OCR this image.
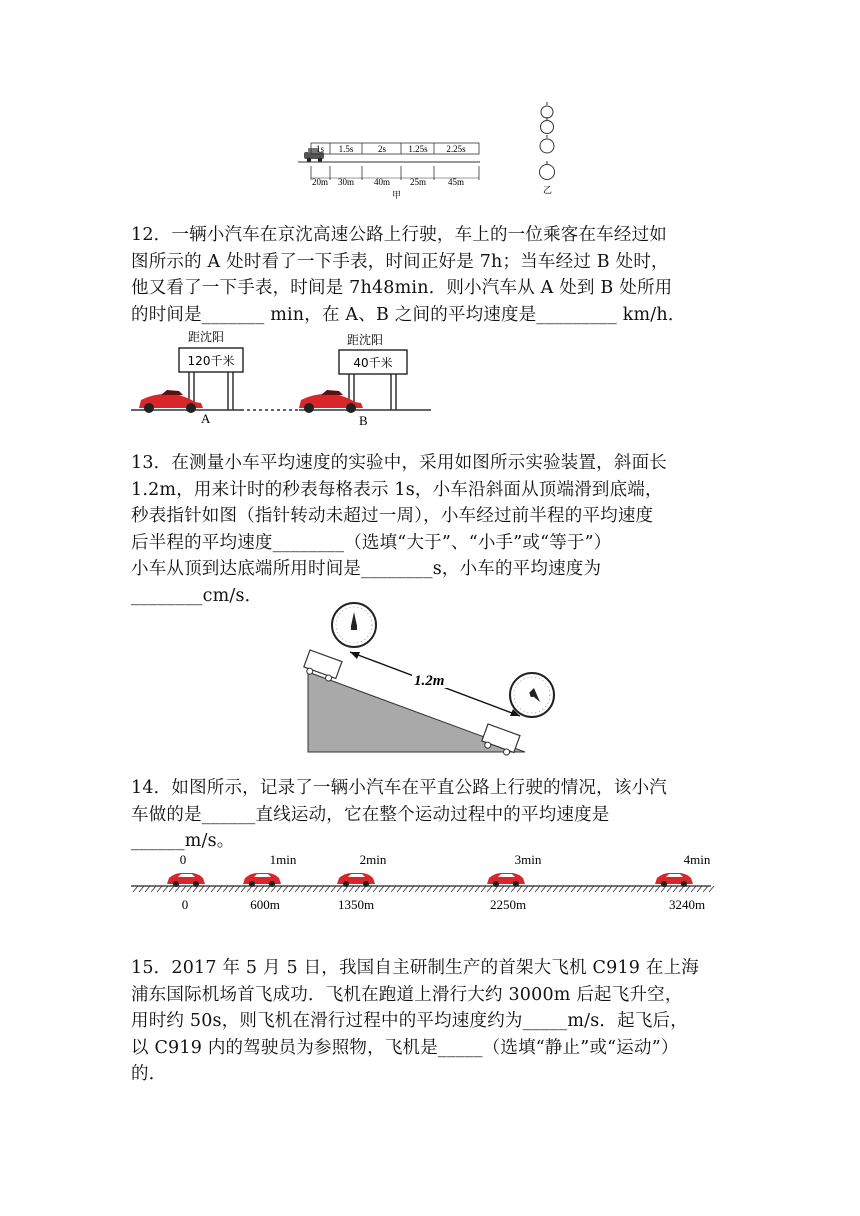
1s 1.5s	2s 1.25s 2.25s
20m 30m 40m 25m 45m
甲	乙
12．一辆小汽车在京沈高速公路上行驶，车上的一位乘客在车经过如
图所示的 A 处时看了一下手表，时间正好是 7h；当车经过 B 处时，
他又看了一下手表，时间是 7h48min．则小汽车从 A 处到 B 处所用
的时间是_______ min，在 A、B 之间的平均速度是_________ km/h．
距沈阳
120千米
距沈阳
40千米
A	B
13．在测量小车平均速度的实验中，采用如图所示实验装置，斜面长
1.2m，用来计时的秒表每格表示 1s，小车沿斜面从顶端滑到底端，
秒表指针如图（指针转动未超过一周），小车经过前半程的平均速度
后半程的平均速度________（选填“大于”、“小手”或“等于”）
小车从顶到达底端所用时间是________s，小车的平均速度为
________cm/s．
1.2m
14．如图所示，记录了一辆小汽车在平直公路上行驶的情况，该小汽
车做的是______直线运动，它在整个运动过程中的平均速度是
______m/s。
0	1min	2min	3min	4min
0	600m	1350m	2250m	3240m
15．2017 年 5 月 5 日，我国自主研制生产的首架大飞机 C919 在上海
浦东国际机场首飞成功．飞机在跑道上滑行大约 3000m 后起飞升空，
用时约 50s，则飞机在滑行过程中的平均速度约为_____m/s．起飞后，
以 C919 内的驾驶员为参照物，飞机是_____（选填“静止”或“运动”）
的．
